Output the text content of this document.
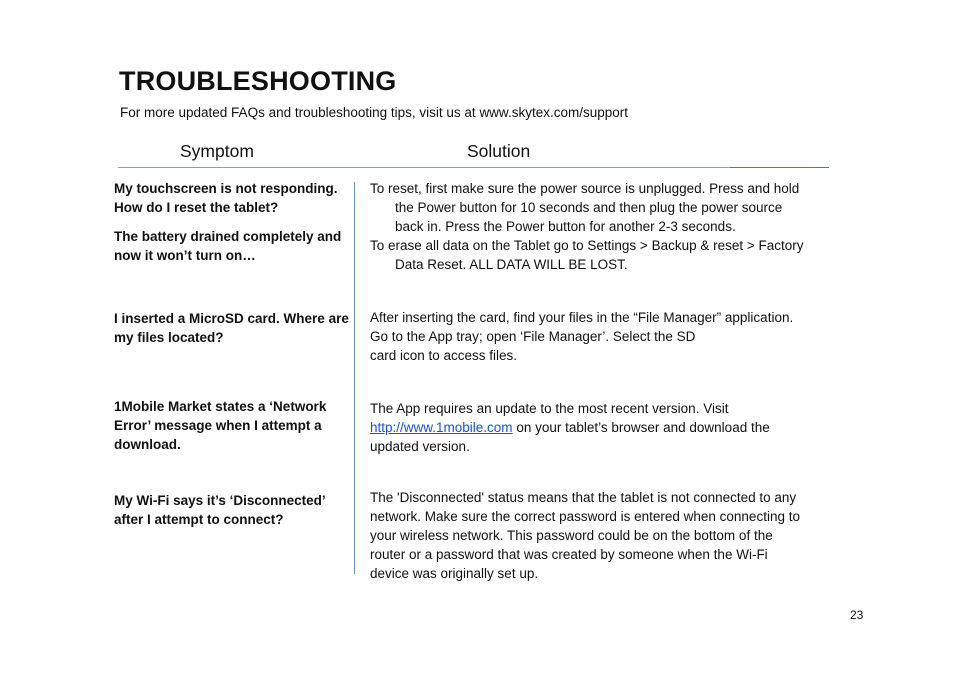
TROUBLESHOOTING
For more updated FAQs and troubleshooting tips, visit us at www.skytex.com/support
Symptom	Solution
My touchscreen is not responding. How do I reset the tablet?
The battery drained completely and now it won’t turn on…

To reset, first make sure the power source is unplugged. Press and hold the Power button for 10 seconds and then plug the power source back in. Press the Power button for another 2-3 seconds.

To erase all data on the Tablet go to Settings > Backup & reset > Factory Data Reset. ALL DATA WILL BE LOST.

I inserted a MicroSD card. Where are my files located?

After inserting the card, find your files in the “File Manager” application.

Go to the App tray; open ‘File Manager’. Select the SD

card icon to access files.

1Mobile Market states a ‘Network Error’ message when I attempt a download.
The App requires an update to the most recent version. Visit
http://www.1mobile.com on your tablet’s browser and download the updated version.
My Wi-Fi says it’s ‘Disconnected’ after I attempt to connect?
The 'Disconnected' status means that the tablet is not connected to any network. Make sure the correct password is entered when connecting to your wireless network. This password could be on the bottom of the router or a password that was created by someone when the Wi-Fi device was originally set up.
23
